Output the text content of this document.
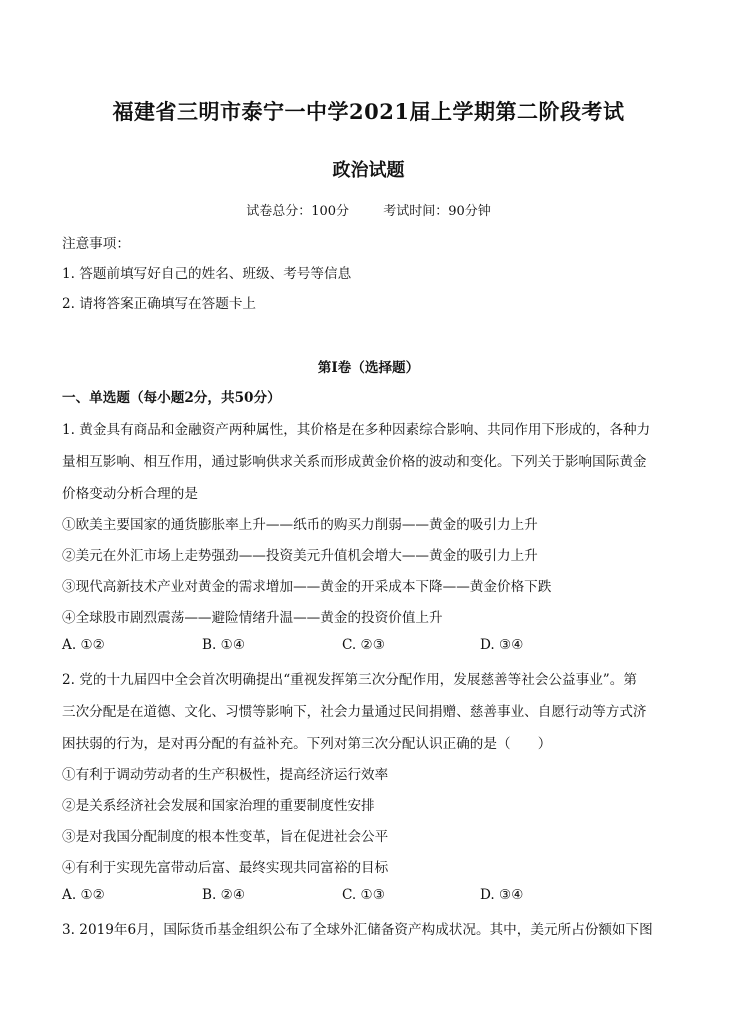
福建省三明市泰宁一中学2021届上学期第二阶段考试
政治试题
试卷总分：100分	考试时间：90分钟
注意事项：
1. 答题前填写好自己的姓名、班级、考号等信息
2. 请将答案正确填写在答题卡上
第I卷（选择题）
一、单选题（每小题2分，共50分）
1. 黄金具有商品和金融资产两种属性，其价格是在多种因素综合影响、共同作用下形成的，各种力
量相互影响、相互作用，通过影响供求关系而形成黄金价格的波动和变化。下列关于影响国际黄金
价格变动分析合理的是
①欧美主要国家的通货膨胀率上升——纸币的购买力削弱——黄金的吸引力上升
②美元在外汇市场上走势强劲——投资美元升值机会增大——黄金的吸引力上升
③现代高新技术产业对黄金的需求增加——黄金的开采成本下降——黄金价格下跌
④全球股市剧烈震荡——避险情绪升温——黄金的投资价值上升
A. ①②	B. ①④	C. ②③	D. ③④
2. 党的十九届四中全会首次明确提出“重视发挥第三次分配作用，发展慈善等社会公益事业”。第
三次分配是在道德、文化、习惯等影响下，社会力量通过民间捐赠、慈善事业、自愿行动等方式济
困扶弱的行为，是对再分配的有益补充。下列对第三次分配认识正确的是（　　）
①有利于调动劳动者的生产积极性，提高经济运行效率
②是关系经济社会发展和国家治理的重要制度性安排
③是对我国分配制度的根本性变革，旨在促进社会公平
④有利于实现先富带动后富、最终实现共同富裕的目标
A. ①②	B. ②④	C. ①③	D. ③④
3. 2019年6月，国际货币基金组织公布了全球外汇储备资产构成状况。其中，美元所占份额如下图
